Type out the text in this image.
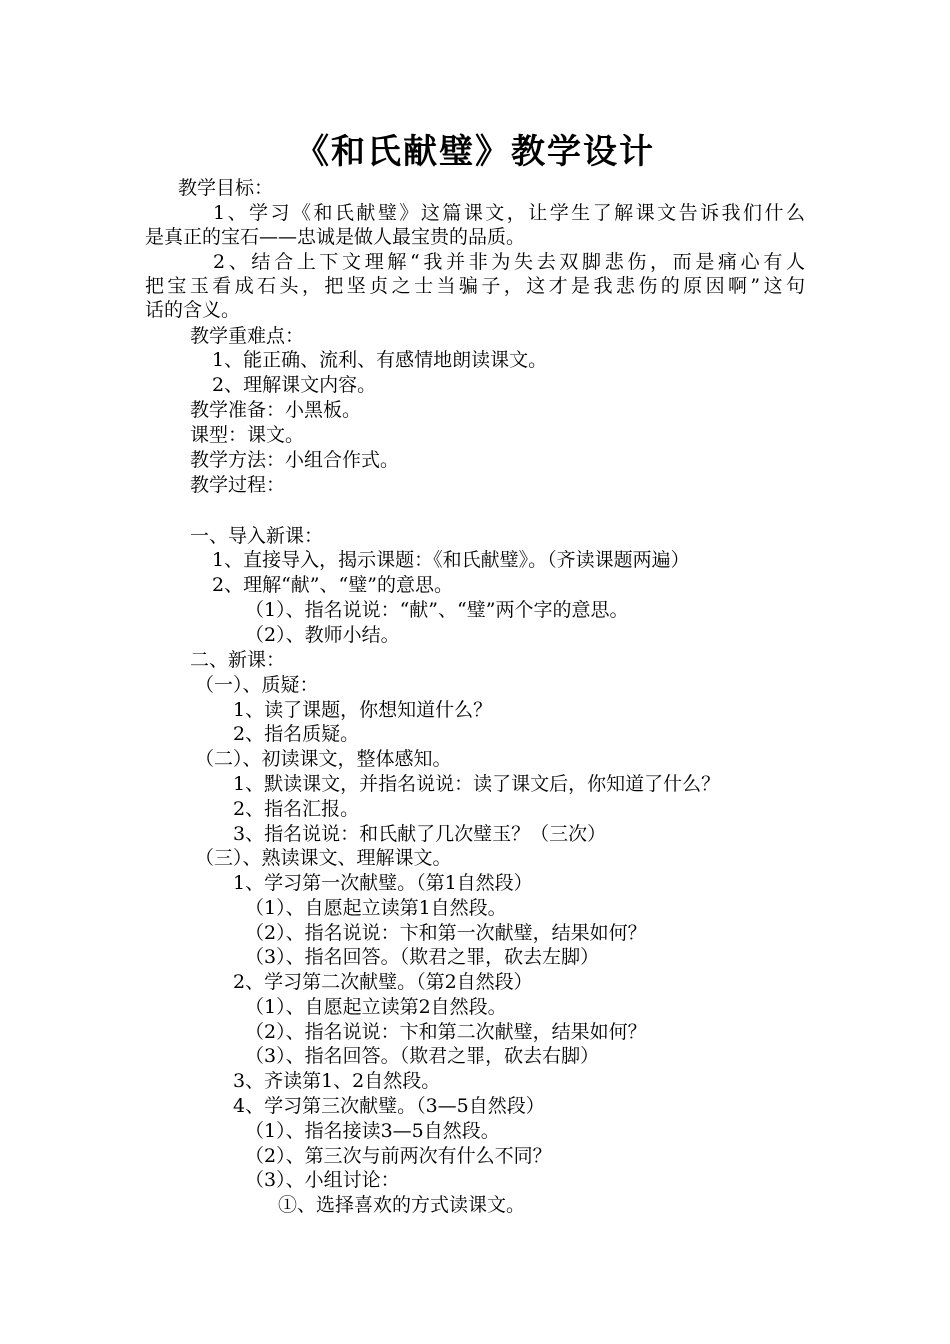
《和氏献璧》教学设计
教学目标：
1、学习《和氏献璧》这篇课文，让学生了解课文告诉我们什么
是真正的宝石——忠诚是做人最宝贵的品质。
2、结合上下文理解“我并非为失去双脚悲伤，而是痛心有人
把宝玉看成石头，把坚贞之士当骗子，这才是我悲伤的原因啊”这句
话的含义。
教学重难点：
1、能正确、流利、有感情地朗读课文。
2、理解课文内容。
教学准备：小黑板。
课型：课文。
教学方法：小组合作式。
教学过程：
一、导入新课：
1、直接导入，揭示课题：《和氏献璧》。（齐读课题两遍）
2、理解“献”、“璧”的意思。
（1）、指名说说：“献”、“璧”两个字的意思。
（2）、教师小结。
二、新课：
（一）、质疑：
1、读了课题，你想知道什么？
2、指名质疑。
（二）、初读课文，整体感知。
1、默读课文，并指名说说：读了课文后，你知道了什么？
2、指名汇报。
3、指名说说：和氏献了几次璧玉？（三次）
（三）、熟读课文、理解课文。
1、学习第一次献璧。（第1自然段）
（1）、自愿起立读第1自然段。
（2）、指名说说：卞和第一次献璧，结果如何？
（3）、指名回答。（欺君之罪，砍去左脚）
2、学习第二次献璧。（第2自然段）
（1）、自愿起立读第2自然段。
（2）、指名说说：卞和第二次献璧，结果如何？
（3）、指名回答。（欺君之罪，砍去右脚）
3、齐读第1、2自然段。
4、学习第三次献璧。（3—5自然段）
（1）、指名接读3—5自然段。
（2）、第三次与前两次有什么不同？
（3）、小组讨论：
①、选择喜欢的方式读课文。
